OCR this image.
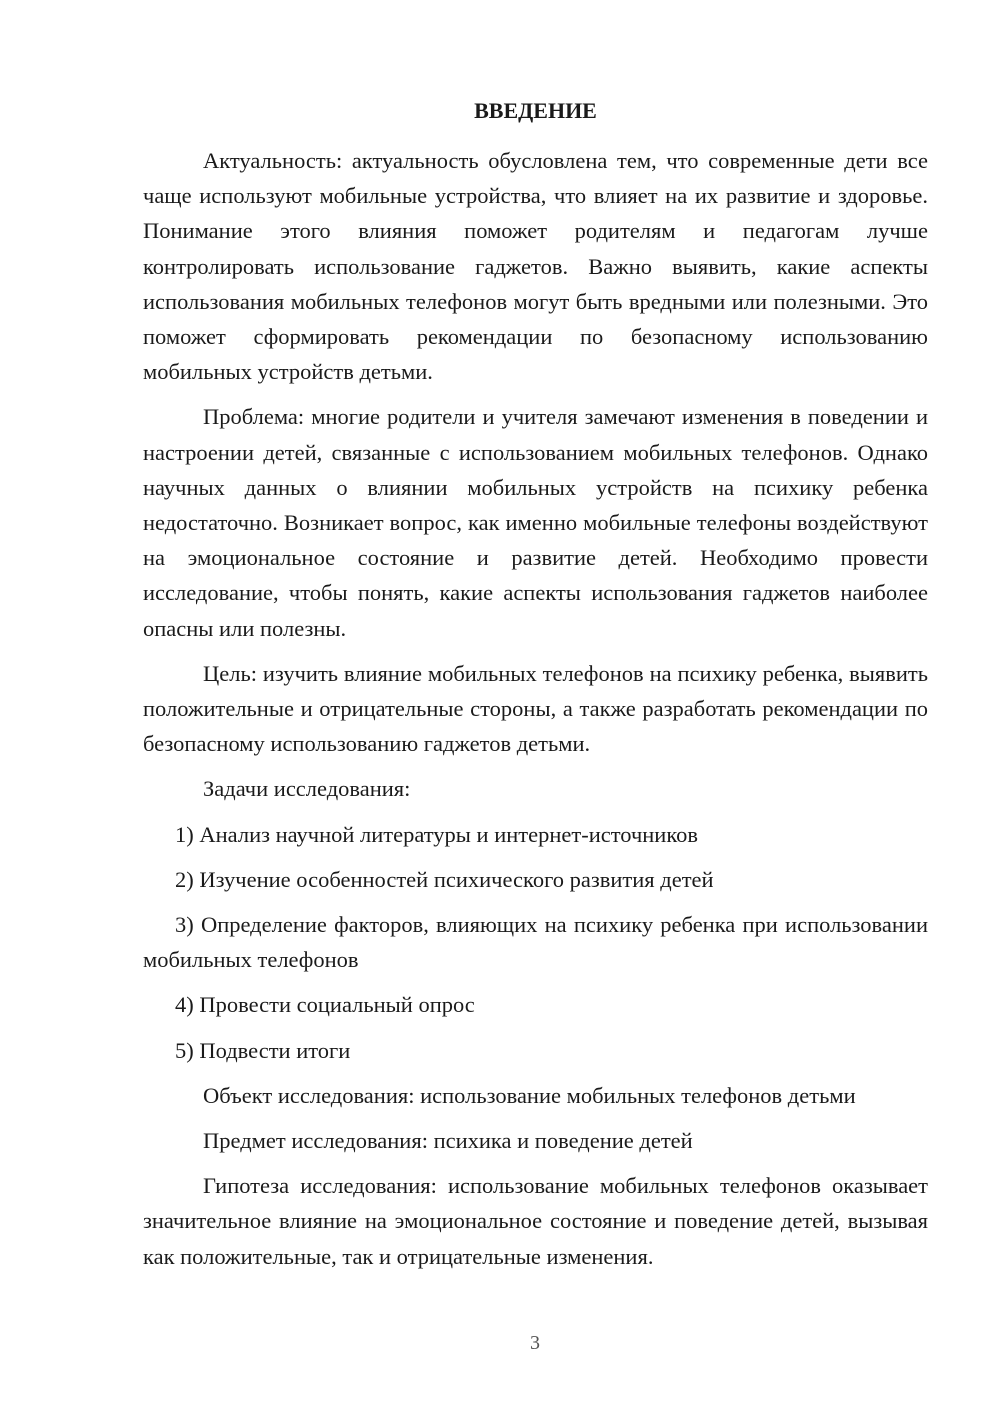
ВВЕДЕНИЕ

Актуальность: актуальность обусловлена тем, что современные дети все чаще используют мобильные устройства, что влияет на их развитие и здоровье. Понимание этого влияния поможет родителям и педагогам лучше контролировать использование гаджетов. Важно выявить, какие аспекты использования мобильных телефонов могут быть вредными или полезными. Это поможет сформировать рекомендации по безопасному использованию мобильных устройств детьми.

Проблема: многие родители и учителя замечают изменения в поведении и настроении детей, связанные с использованием мобильных телефонов. Однако научных данных о влиянии мобильных устройств на психику ребенка недостаточно. Возникает вопрос, как именно мобильные телефоны воздействуют на эмоциональное состояние и развитие детей. Необходимо провести исследование, чтобы понять, какие аспекты использования гаджетов наиболее опасны или полезны.

Цель: изучить влияние мобильных телефонов на психику ребенка, выявить положительные и отрицательные стороны, а также разработать рекомендации по безопасному использованию гаджетов детьми.

Задачи исследования:

1) Анализ научной литературы и интернет-источников

2) Изучение особенностей психического развития детей

3) Определение факторов, влияющих на психику ребенка при использовании мобильных телефонов

4) Провести социальный опрос

5) Подвести итоги

Объект исследования: использование мобильных телефонов детьми

Предмет исследования: психика и поведение детей

Гипотеза исследования: использование мобильных телефонов оказывает значительное влияние на эмоциональное состояние и поведение детей, вызывая как положительные, так и отрицательные изменения.

3
